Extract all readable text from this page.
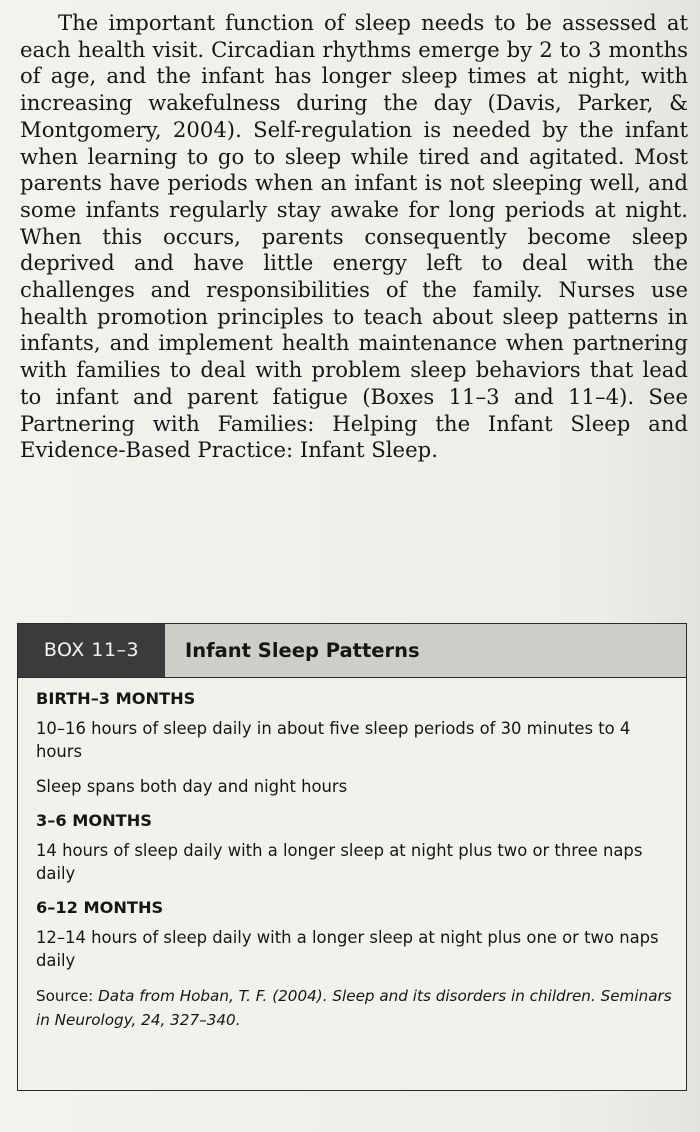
The important function of sleep needs to be assessed at each health visit. Circadian rhythms emerge by 2 to 3 months of age, and the infant has longer sleep times at night, with increasing wakefulness during the day (Davis, Parker, & Montgomery, 2004). Self-regulation is needed by the infant when learning to go to sleep while tired and agitated. Most parents have periods when an infant is not sleeping well, and some infants regularly stay awake for long periods at night. When this occurs, parents consequently become sleep deprived and have little energy left to deal with the challenges and responsibilities of the family. Nurses use health promotion principles to teach about sleep patterns in infants, and implement health maintenance when partnering with families to deal with problem sleep behaviors that lead to infant and parent fatigue (Boxes 11–3 and 11–4). See Partnering with Families: Helping the Infant Sleep and Evidence-Based Practice: Infant Sleep.

BOX 11–3	Infant Sleep Patterns
BIRTH–3 MONTHS
10–16 hours of sleep daily in about five sleep periods of 30 minutes to 4 hours
Sleep spans both day and night hours
3–6 MONTHS
14 hours of sleep daily with a longer sleep at night plus two or three naps daily
6–12 MONTHS
12–14 hours of sleep daily with a longer sleep at night plus one or two naps daily
Source: Data from Hoban, T. F. (2004). Sleep and its disorders in children. Seminars in Neurology, 24, 327–340.
